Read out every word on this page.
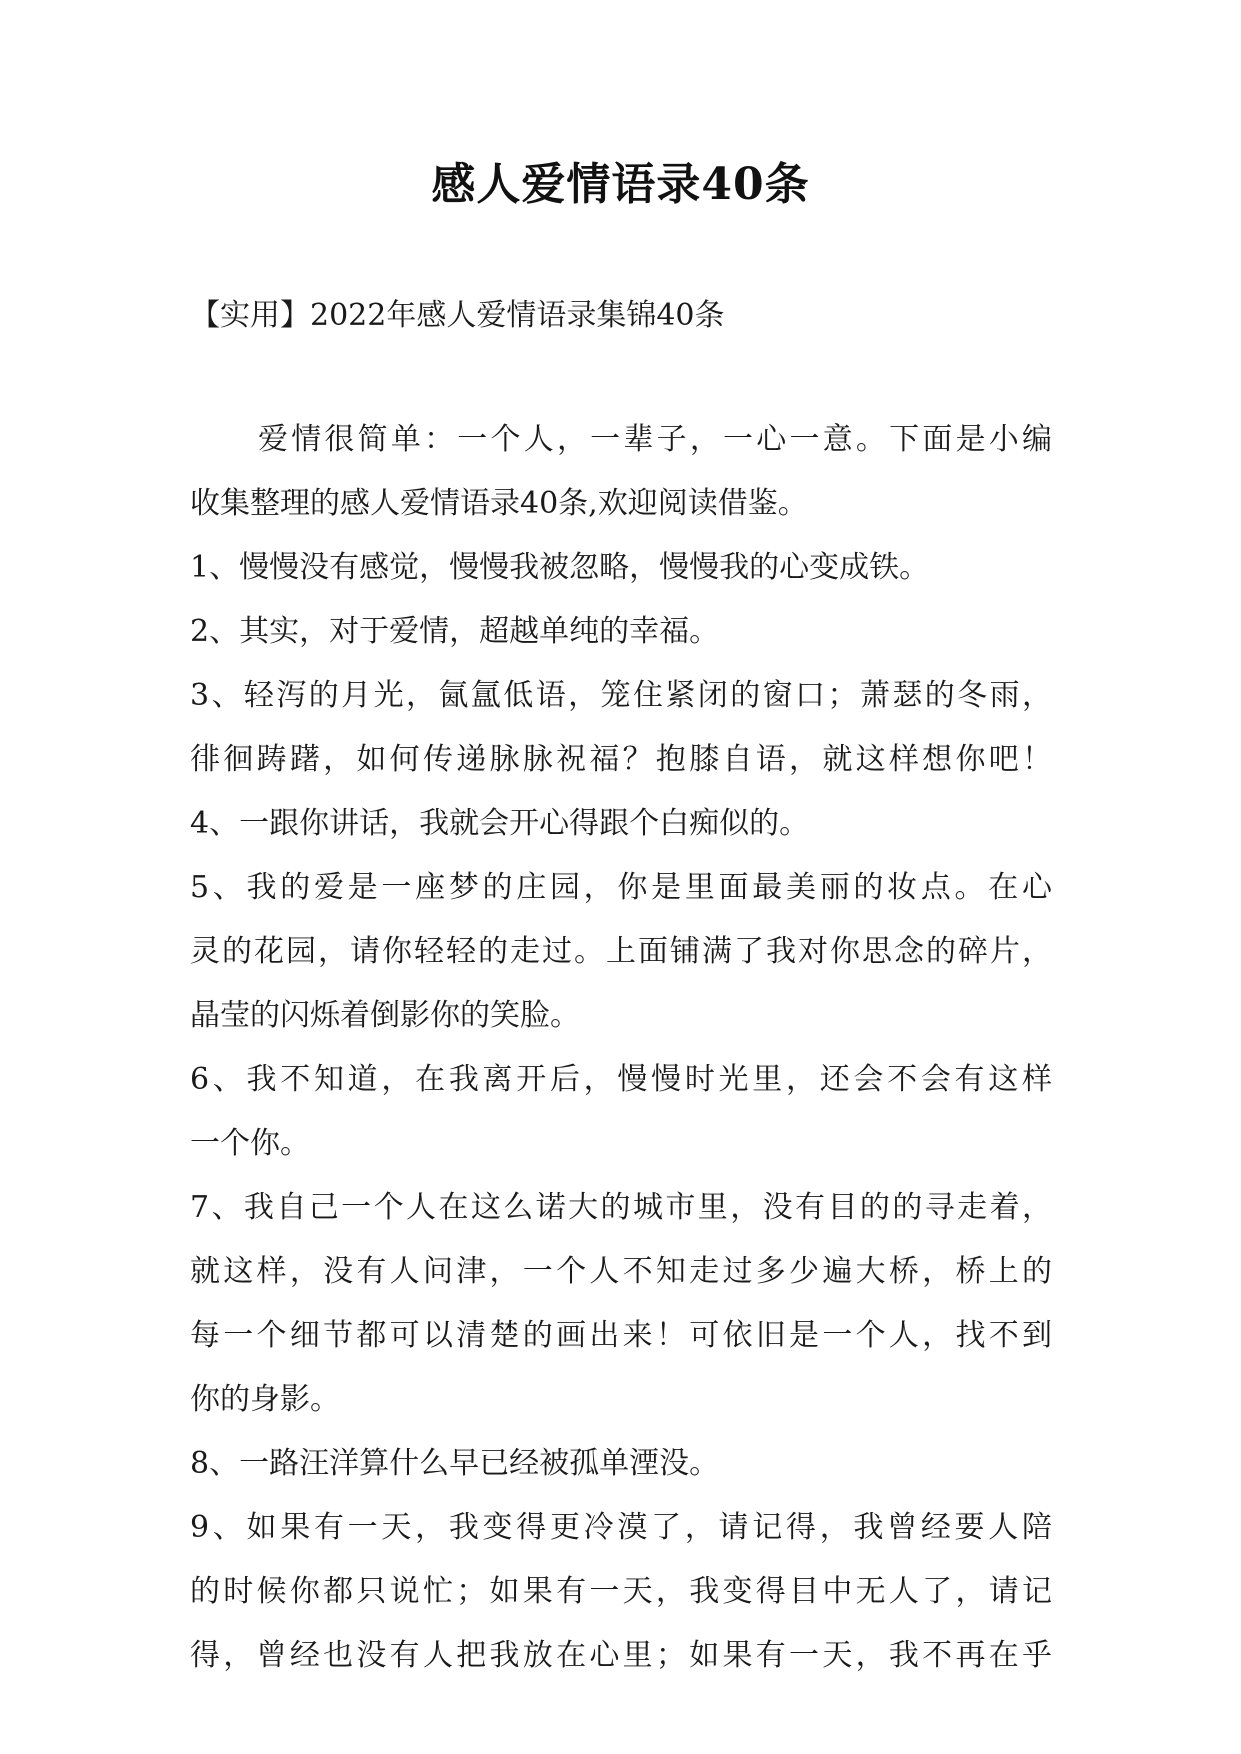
感人爱情语录40条
【实用】2022年感人爱情语录集锦40条
爱情很简单：一个人，一辈子，一心一意。下面是小编
收集整理的感人爱情语录40条,欢迎阅读借鉴。
1、慢慢没有感觉，慢慢我被忽略，慢慢我的心变成铁。
2、其实，对于爱情，超越单纯的幸福。
3、轻泻的月光，氤氲低语，笼住紧闭的窗口；萧瑟的冬雨，
徘徊踌躇，如何传递脉脉祝福？抱膝自语，就这样想你吧！
4、一跟你讲话，我就会开心得跟个白痴似的。
5、我的爱是一座梦的庄园，你是里面最美丽的妆点。在心
灵的花园，请你轻轻的走过。上面铺满了我对你思念的碎片，
晶莹的闪烁着倒影你的笑脸。
6、我不知道，在我离开后，慢慢时光里，还会不会有这样
一个你。
7、我自己一个人在这么诺大的城市里，没有目的的寻走着，
就这样，没有人问津，一个人不知走过多少遍大桥，桥上的
每一个细节都可以清楚的画出来！可依旧是一个人，找不到
你的身影。
8、一路汪洋算什么早已经被孤单湮没。
9、如果有一天，我变得更冷漠了，请记得，我曾经要人陪
的时候你都只说忙；如果有一天，我变得目中无人了，请记
得，曾经也没有人把我放在心里；如果有一天，我不再在乎
